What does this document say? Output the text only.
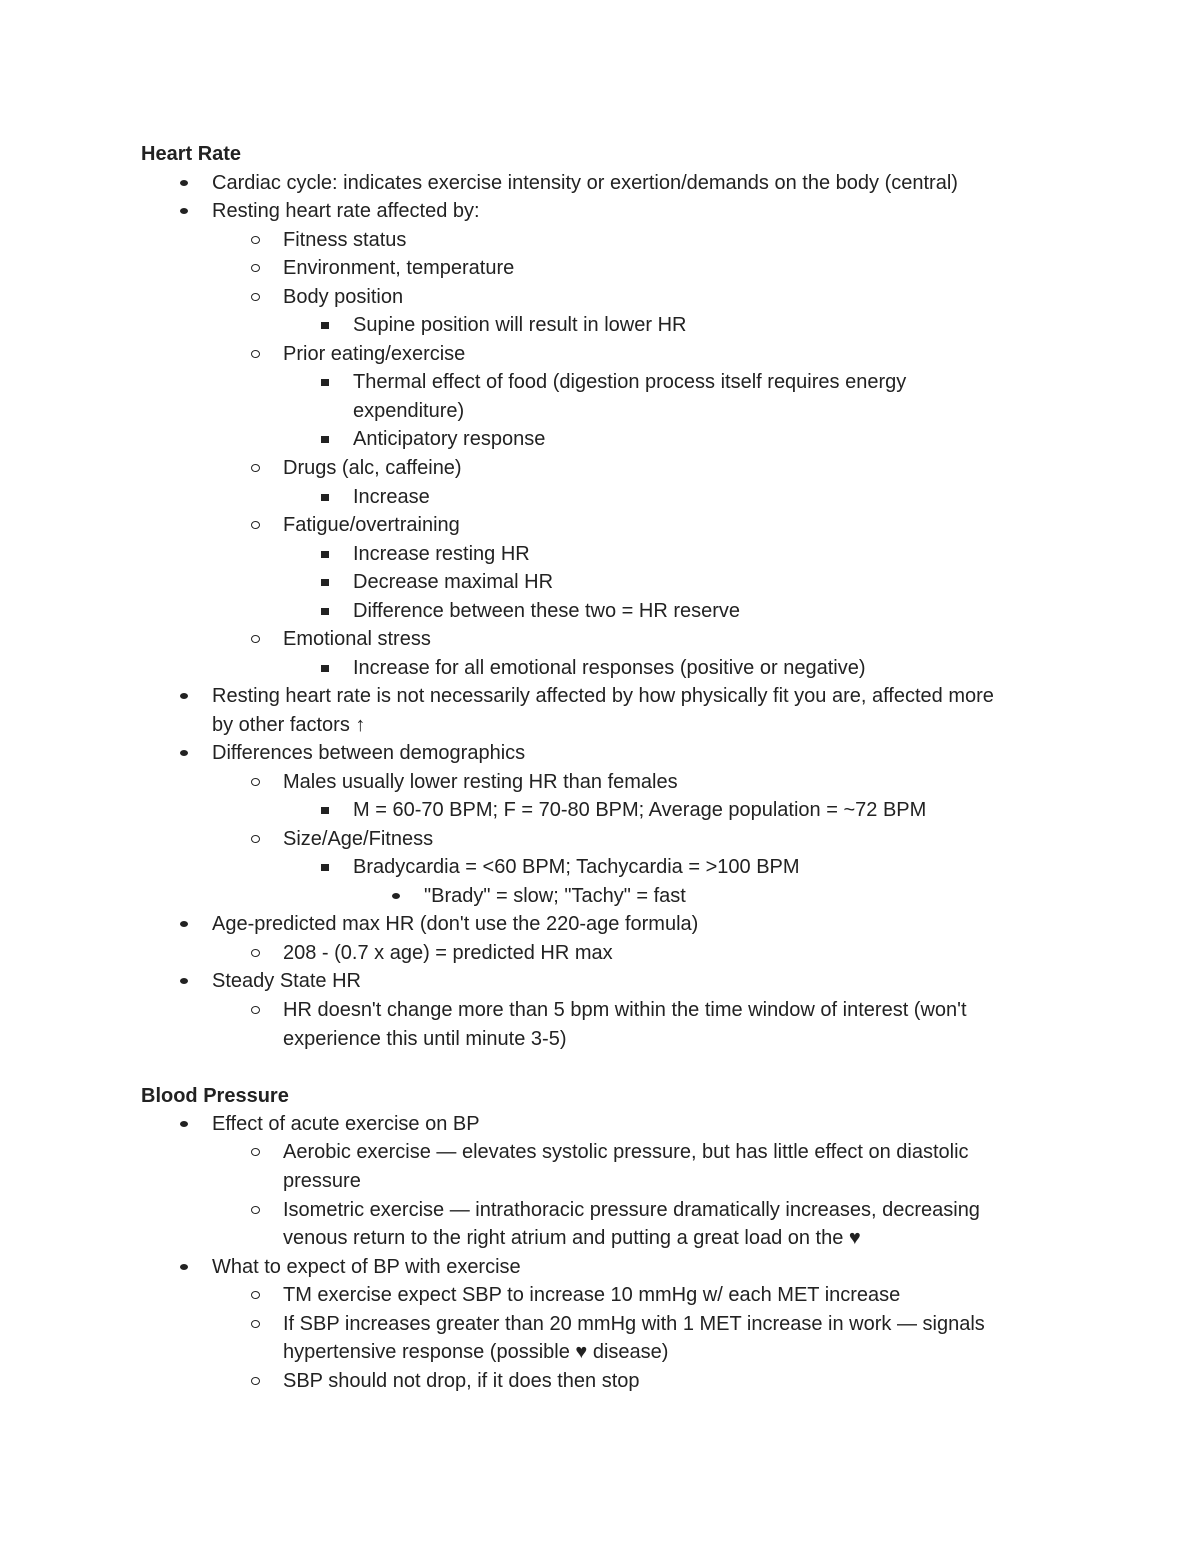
Heart Rate
Cardiac cycle: indicates exercise intensity or exertion/demands on the body (central)
Resting heart rate affected by:
Fitness status
Environment, temperature
Body position
Supine position will result in lower HR
Prior eating/exercise
Thermal effect of food (digestion process itself requires energy
expenditure)
Anticipatory response
Drugs (alc, caffeine)
Increase
Fatigue/overtraining
Increase resting HR
Decrease maximal HR
Difference between these two = HR reserve
Emotional stress
Increase for all emotional responses (positive or negative)
Resting heart rate is not necessarily affected by how physically fit you are, affected more
by other factors ↑
Differences between demographics
Males usually lower resting HR than females
M = 60-70 BPM; F = 70-80 BPM; Average population = ~72 BPM
Size/Age/Fitness
Bradycardia = <60 BPM; Tachycardia = >100 BPM
"Brady" = slow; "Tachy" = fast
Age-predicted max HR (don't use the 220-age formula)
208 - (0.7 x age) = predicted HR max
Steady State HR
HR doesn't change more than 5 bpm within the time window of interest (won't
experience this until minute 3-5)
Blood Pressure
Effect of acute exercise on BP
Aerobic exercise — elevates systolic pressure, but has little effect on diastolic
pressure
Isometric exercise — intrathoracic pressure dramatically increases, decreasing
venous return to the right atrium and putting a great load on the ♥
What to expect of BP with exercise
TM exercise expect SBP to increase 10 mmHg w/ each MET increase
If SBP increases greater than 20 mmHg with 1 MET increase in work — signals
hypertensive response (possible ♥ disease)
SBP should not drop, if it does then stop
